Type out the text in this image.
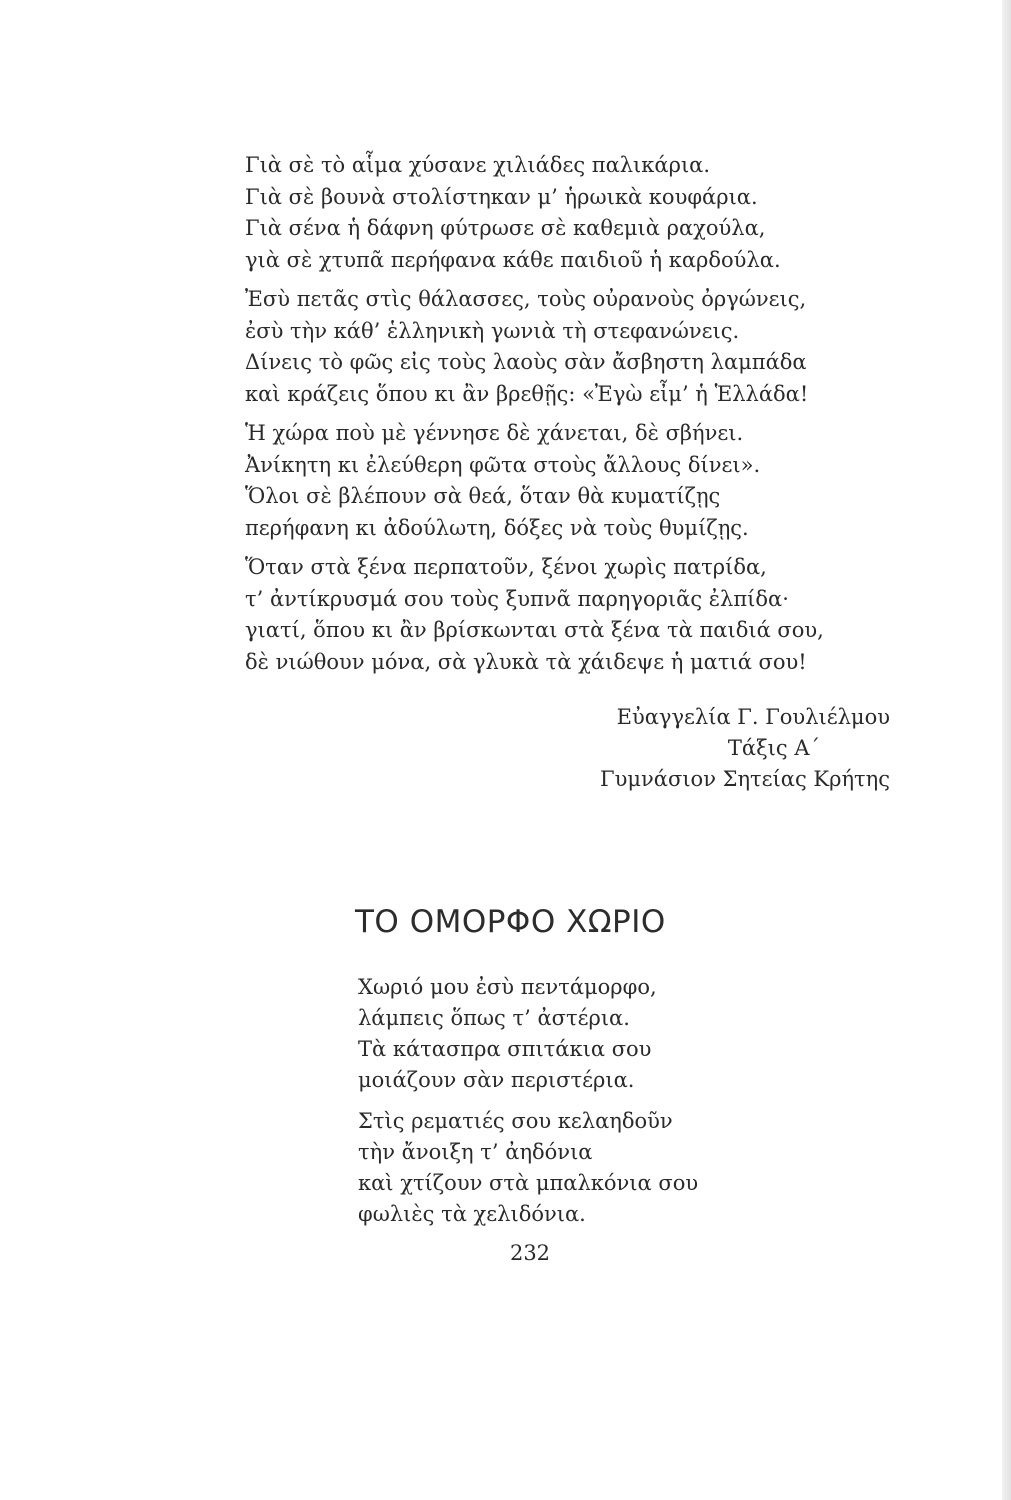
Γιὰ σὲ τὸ αἷμα χύσανε χιλιάδες παλικάρια.
Γιὰ σὲ βουνὰ στολίστηκαν μ’ ἡρωικὰ κουφάρια.
Γιὰ σένα ἡ δάφνη φύτρωσε σὲ καθεμιὰ ραχούλα,
γιὰ σὲ χτυπᾶ περήφανα κάθε παιδιοῦ ἡ καρδούλα.

Ἐσὺ πετᾶς στὶς θάλασσες, τοὺς οὐρανοὺς ὀργώνεις,
ἐσὺ τὴν κάθ’ ἑλληνικὴ γωνιὰ τὴ στεφανώνεις.
Δίνεις τὸ φῶς εἰς τοὺς λαοὺς σὰν ἄσβηστη λαμπάδα
καὶ κράζεις ὅπου κι ἂν βρεθῇς: «Ἐγὼ εἶμ’ ἡ Ἑλλάδα!

Ἡ χώρα ποὺ μὲ γέννησε δὲ χάνεται, δὲ σβήνει.
Ἀνίκητη κι ἐλεύθερη φῶτα στοὺς ἄλλους δίνει».
Ὅλοι σὲ βλέπουν σὰ θεά, ὅταν θὰ κυματίζῃς
περήφανη κι ἀδούλωτη, δόξες νὰ τοὺς θυμίζῃς.

Ὅταν στὰ ξένα περπατοῦν, ξένοι χωρὶς πατρίδα,
τ’ ἀντίκρυσμά σου τοὺς ξυπνᾶ παρηγοριᾶς ἐλπίδα·
γιατί, ὅπου κι ἂν βρίσκωνται στὰ ξένα τὰ παιδιά σου,
δὲ νιώθουν μόνα, σὰ γλυκὰ τὰ χάιδεψε ἡ ματιά σου!

Εὐαγγελία Γ. Γουλιέλμου
Τάξις Α΄
Γυμνάσιον Σητείας Κρήτης
ΤΟ ΟΜΟΡΦΟ ΧΩΡΙΟ

Χωριό μου ἐσὺ πεντάμορφο,
λάμπεις ὅπως τ’ ἀστέρια.
Τὰ κάτασπρα σπιτάκια σου
μοιάζουν σὰν περιστέρια.

Στὶς ρεματιές σου κελαηδοῦν
τὴν ἄνοιξη τ’ ἀηδόνια
καὶ χτίζουν στὰ μπαλκόνια σου
φωλιὲς τὰ χελιδόνια.

232
